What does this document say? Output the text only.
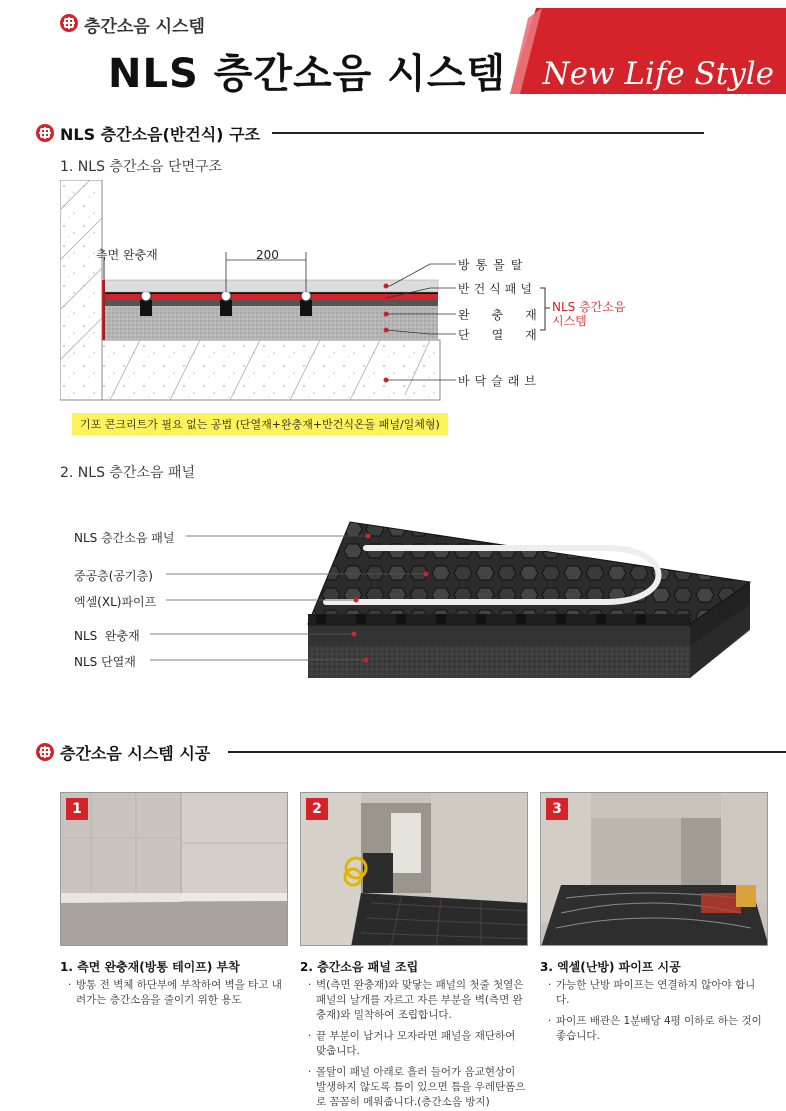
층간소음 시스템
NLS 층간소음 시스템 New Life Style
NLS 층간소음(반건식) 구조
1. NLS 층간소음 단면구조
측면 완충재	200
방통몰탈
반건식패널
완충재
단열재
NLS 층간소음
시스템
바닥슬래브
기포 콘크리트가 필요 없는 공법 (단열재+완충재+반건식온돌 패널/일체형)
2. NLS 층간소음 패널
NLS 층간소음 패널
중공층(공기층)
엑셀(XL)파이프
NLS  완충재
NLS 단열재
층간소음 시스템 시공
1	2	3
1. 측면 완충재(방통 테이프) 부착

· 방통 전 벽체 하단부에 부착하여 벽을 타고 내려가는 층간소음을 줄이기 위한 용도

2. 층간소음 패널 조립

· 벽(측면 완충재)와 맞닿는 패널의 첫줄 첫열은 패널의 날개를 자르고 자른 부분을 벽(측면 완충재)와 밀착하여 조립합니다.

· 끝 부분이 남거나 모자라면 패널을 재단하여 맞춥니다.

· 몰탈이 패널 아래로 흘러 들어가 음교현상이 발생하지 않도록 틈이 있으면 틈을 우레탄폼으로 꼼꼼히 메워줍니다.(층간소음 방지)

3. 엑셀(난방) 파이프 시공

· 가능한 난방 파이프는 연결하지 않아야 합니다.

· 파이프 배관은 1분배당 4평 이하로 하는 것이 좋습니다.
